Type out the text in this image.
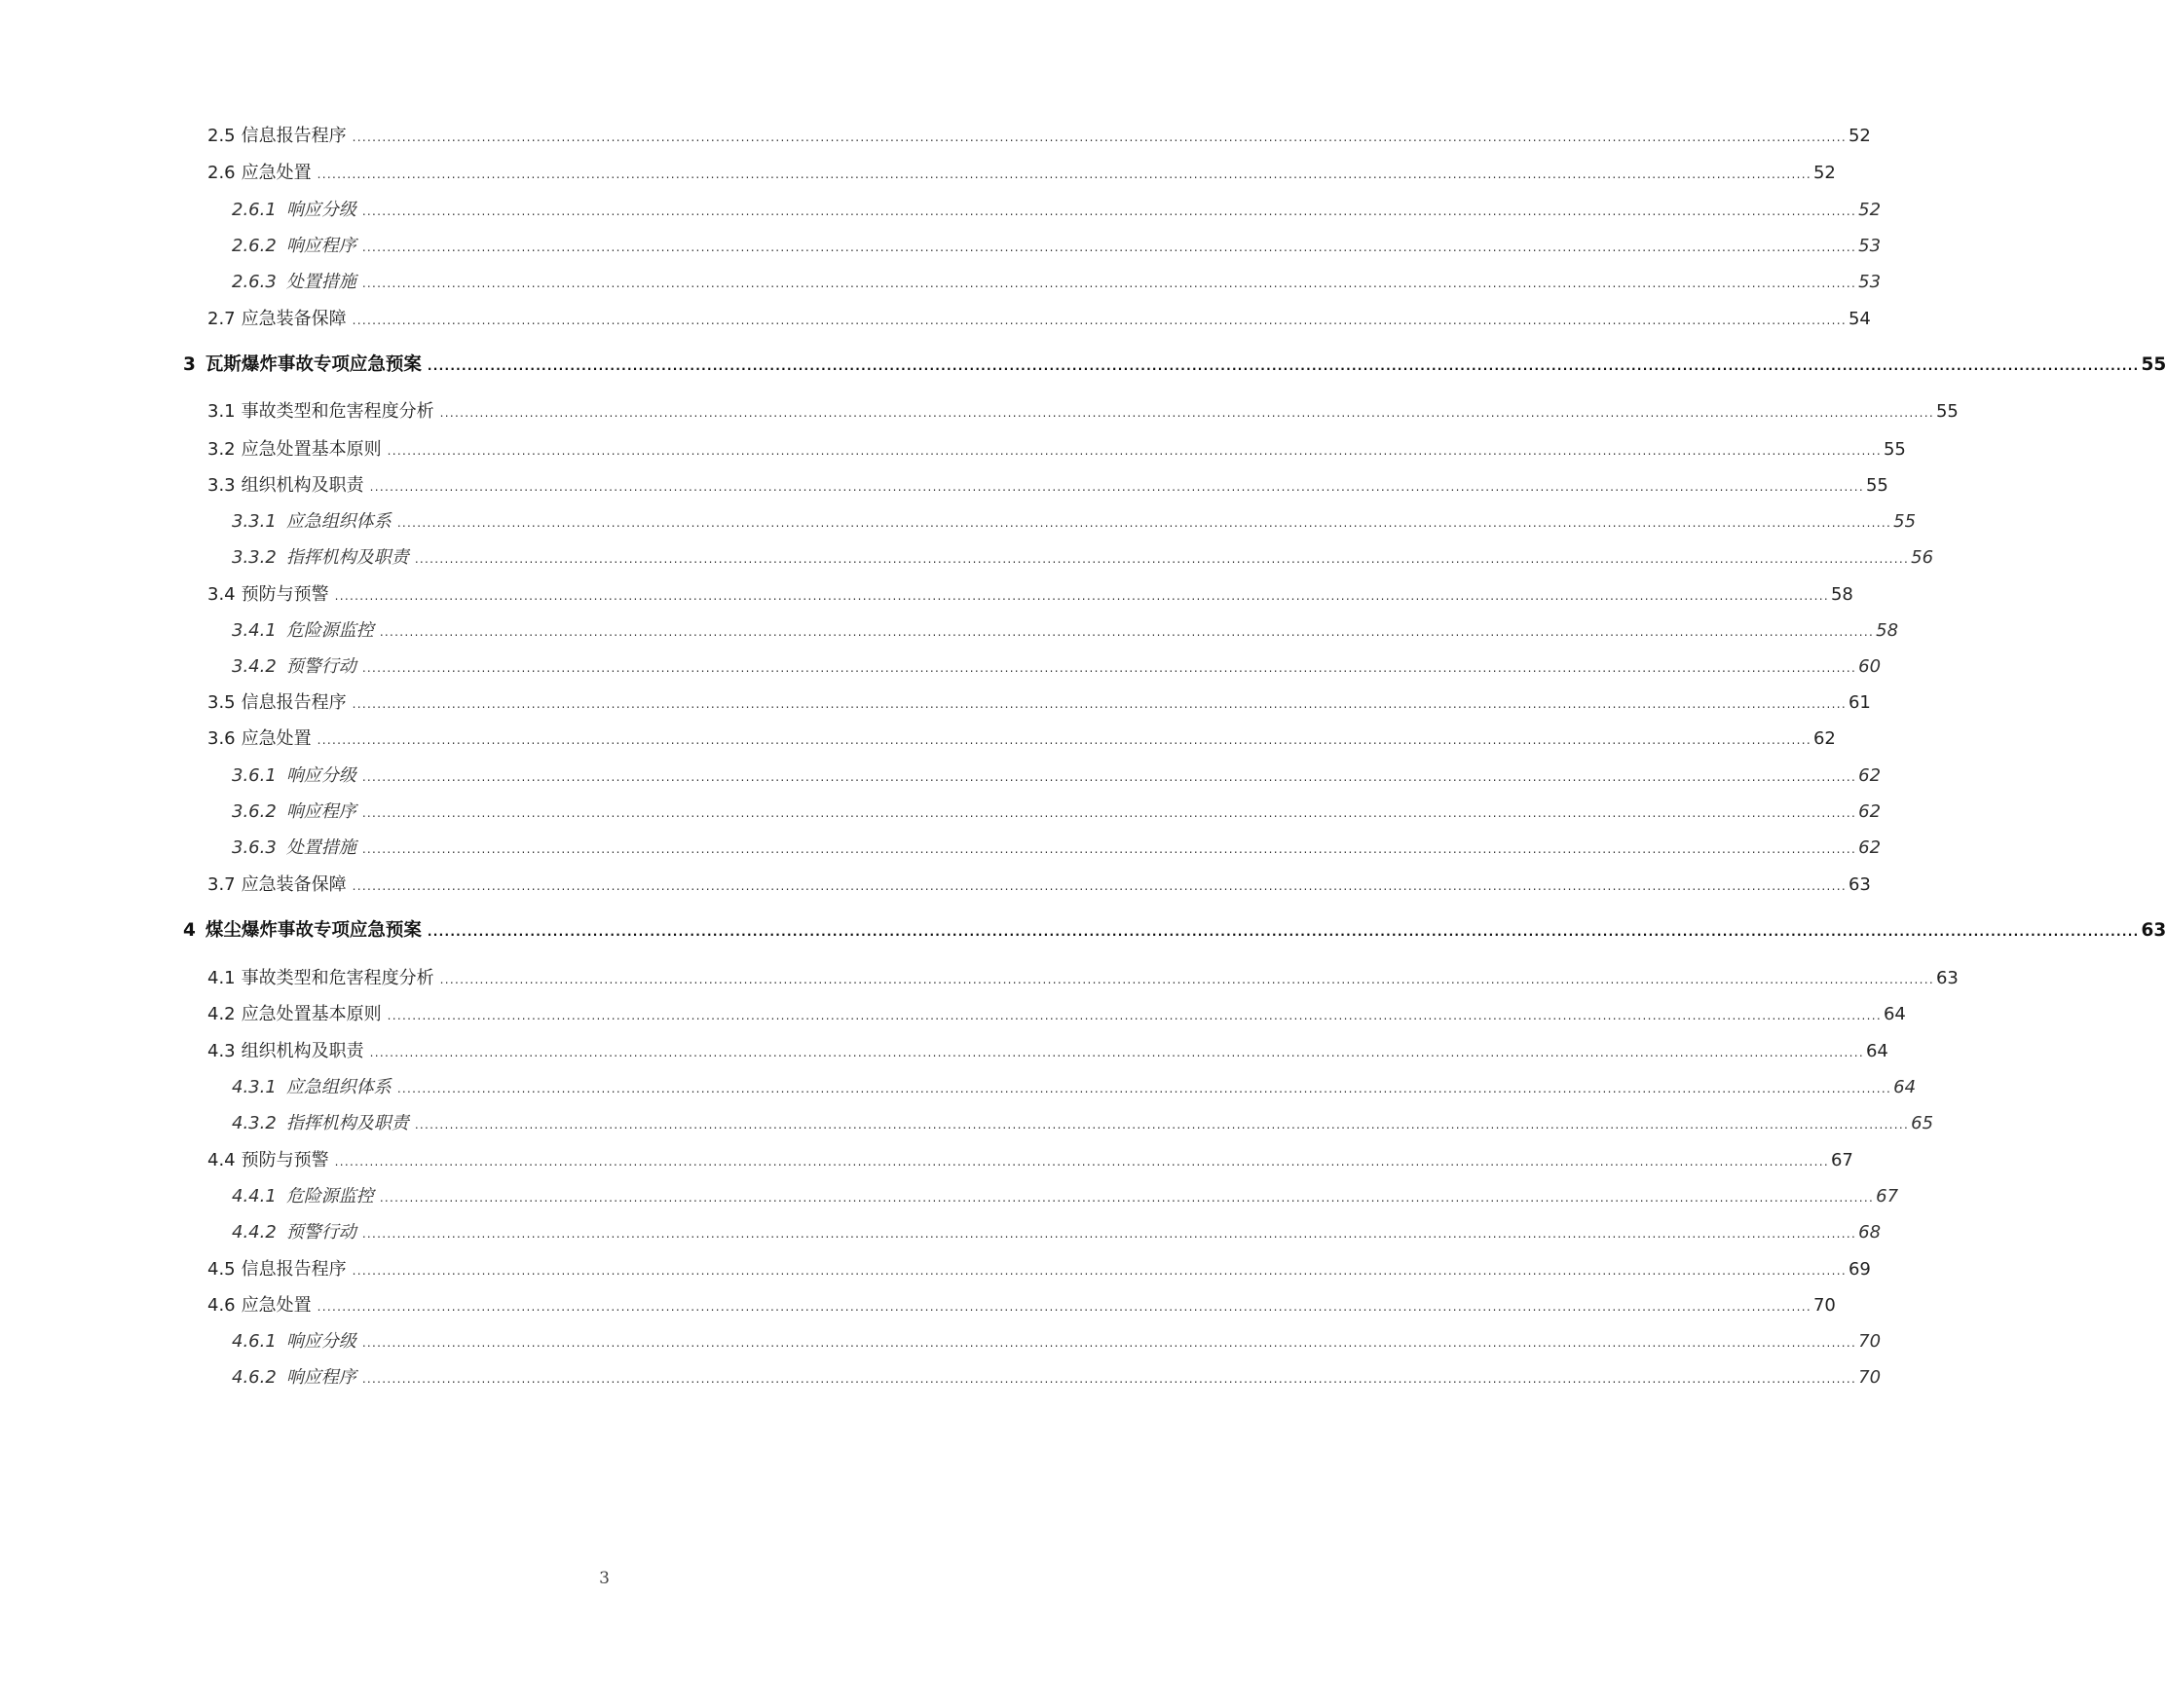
2.5 信息报告程序 ............................................................................................................................................................................................................................................................................................................ 52
2.6 应急处置 ............................................................................................................................................................................................................................................................................................................ 52
2.6.1 响应分级 ............................................................................................................................................................................................................................................................................................................ 52
2.6.2 响应程序 ............................................................................................................................................................................................................................................................................................................ 53
2.6.3 处置措施 ............................................................................................................................................................................................................................................................................................................ 53
2.7 应急装备保障 ............................................................................................................................................................................................................................................................................................................ 54
3 瓦斯爆炸事故专项应急预案 ............................................................................................................................................................................................................................................................................................................ 55
3.1 事故类型和危害程度分析 ............................................................................................................................................................................................................................................................................................................ 55
3.2 应急处置基本原则 ............................................................................................................................................................................................................................................................................................................ 55
3.3 组织机构及职责 ............................................................................................................................................................................................................................................................................................................ 55
3.3.1 应急组织体系 ............................................................................................................................................................................................................................................................................................................ 55
3.3.2 指挥机构及职责 ............................................................................................................................................................................................................................................................................................................ 56
3.4 预防与预警 ............................................................................................................................................................................................................................................................................................................ 58
3.4.1 危险源监控 ............................................................................................................................................................................................................................................................................................................ 58
3.4.2 预警行动 ............................................................................................................................................................................................................................................................................................................ 60
3.5 信息报告程序 ............................................................................................................................................................................................................................................................................................................ 61
3.6 应急处置 ............................................................................................................................................................................................................................................................................................................ 62
3.6.1 响应分级 ............................................................................................................................................................................................................................................................................................................ 62
3.6.2 响应程序 ............................................................................................................................................................................................................................................................................................................ 62
3.6.3 处置措施 ............................................................................................................................................................................................................................................................................................................ 62
3.7 应急装备保障 ............................................................................................................................................................................................................................................................................................................ 63
4 煤尘爆炸事故专项应急预案 ............................................................................................................................................................................................................................................................................................................ 63
4.1 事故类型和危害程度分析 ............................................................................................................................................................................................................................................................................................................ 63
4.2 应急处置基本原则 ............................................................................................................................................................................................................................................................................................................ 64
4.3 组织机构及职责 ............................................................................................................................................................................................................................................................................................................ 64
4.3.1 应急组织体系 ............................................................................................................................................................................................................................................................................................................ 64
4.3.2 指挥机构及职责 ............................................................................................................................................................................................................................................................................................................ 65
4.4 预防与预警 ............................................................................................................................................................................................................................................................................................................ 67
4.4.1 危险源监控 ............................................................................................................................................................................................................................................................................................................ 67
4.4.2 预警行动 ............................................................................................................................................................................................................................................................................................................ 68
4.5 信息报告程序 ............................................................................................................................................................................................................................................................................................................ 69
4.6 应急处置 ............................................................................................................................................................................................................................................................................................................ 70
4.6.1 响应分级 ............................................................................................................................................................................................................................................................................................................ 70
4.6.2 响应程序 ............................................................................................................................................................................................................................................................................................................ 70
3
